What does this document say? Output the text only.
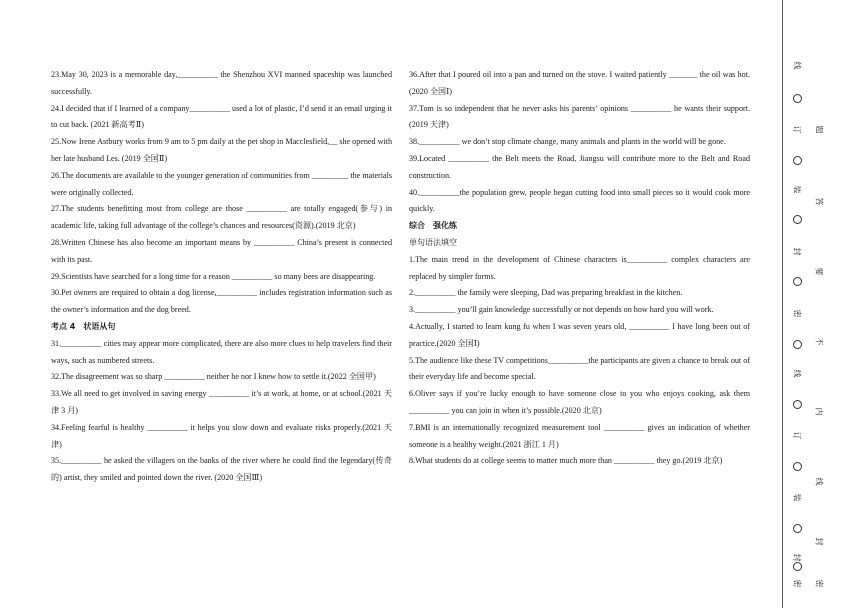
23.May 30, 2023 is a memorable day,__________ the Shenzhou XVI manned spaceship was launched successfully.

24.I decided that if I learned of a company__________ used a lot of plastic, I’d send it an email urging it to cut back. (2021 新高考Ⅱ)

25.Now Irene Astbury works from 9 am to 5 pm daily at the pet shop in Macclesfield,__ she opened with her late husband Les. (2019 全国Ⅱ)

26.The documents are available to the younger generation of communities from _________ the materials were originally collected.

27.The students benefitting most from college are those __________ are totally engaged(参与) in academic life, taking full advantage of the college’s chances and resources(资源).(2019 北京)

28.Written Chinese has also become an important means by __________ China’s present is connected with its past.

29.Scientists have searched for a long time for a reason __________ so many bees are disappearing.

30.Pet owners are required to obtain a dog license,__________ includes registration information such as the owner’s information and the dog breed.

考点 4　状语从句

31.__________ cities may appear more complicated, there are also more clues to help travelers find their ways, such as numbered streets.

32.The disagreement was so sharp __________ neither he nor I knew how to settle it.(2022 全国甲)

33.We all need to get involved in saving energy __________ it’s at work, at home, or at school.(2021 天津 3 月)

34.Feeling fearful is healthy __________ it helps you slow down and evaluate risks properly.(2021 天津)

35.__________ he asked the villagers on the banks of the river where he could find the legendary(传奇的) artist, they smiled and pointed down the river. (2020 全国Ⅲ)

36.After that I poured oil into a pan and turned on the stove. I waited patiently _______ the oil was hot.(2020 全国Ⅰ)

37.Tom is so independent that he never asks his parents’ opinions __________ he wants their support.(2019 天津)

38.__________ we don’t stop climate change, many animals and plants in the world will be gone.

39.Located __________ the Belt meets the Road, Jiangsu will contribute more to the Belt and Road construction.

40.__________the population grew, people began cutting food into small pieces so it would cook more quickly.

综合　强化练

单句语法填空

1.The main trend in the development of Chinese characters is__________ complex characters are replaced by simpler forms.

2.__________ the family were sleeping, Dad was preparing breakfast in the kitchen.

3.__________ you’ll gain knowledge successfully or not depends on how hard you will work.

4.Actually, I started to learn kung fu when I was seven years old, __________ I have long been out of practice.(2020 全国Ⅰ)

5.The audience like these TV competitions__________the participants are given a chance to break out of their everyday life and become special.

6.Oliver says if you’re lucky enough to have someone close to you who enjoys cooking, ask them __________ you can join in when it’s possible.(2020 北京)

7.BMI is an internationally recognized measurement tool __________ gives an indication of whether someone is a healthy weight.(2021 浙江 1 月)

8.What students do at college seems to matter much more than __________ they go.(2019 北京)

线
订
装
封
密
线
订
装
封
密
题
答
要
不
内
线
封
密
